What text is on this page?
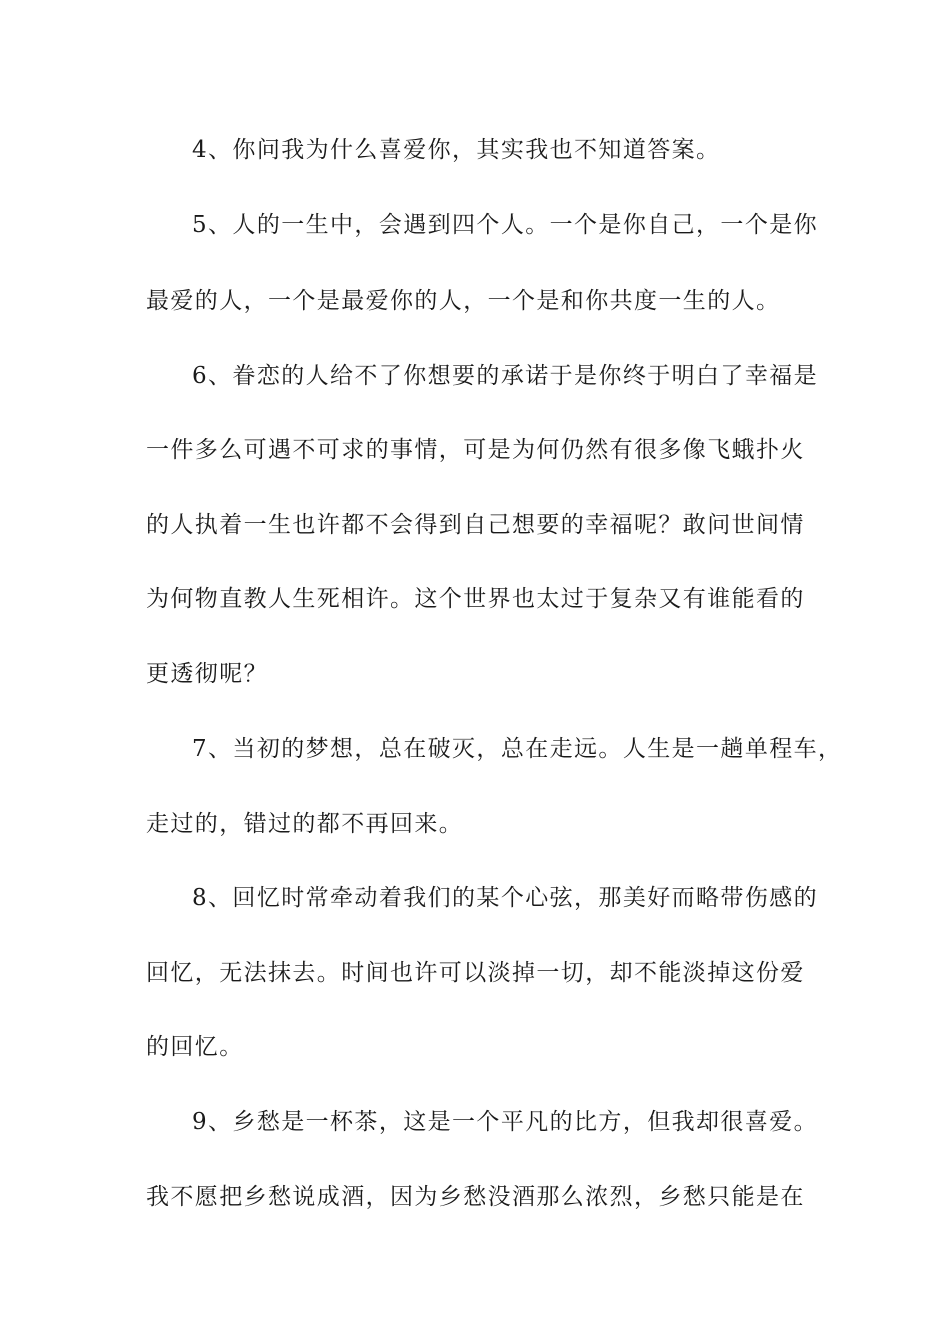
4、你问我为什么喜爱你，其实我也不知道答案。
5、人的一生中，会遇到四个人。一个是你自己，一个是你
最爱的人，一个是最爱你的人，一个是和你共度一生的人。
6、眷恋的人给不了你想要的承诺于是你终于明白了幸福是
一件多么可遇不可求的事情，可是为何仍然有很多像飞蛾扑火
的人执着一生也许都不会得到自己想要的幸福呢？敢问世间情
为何物直教人生死相许。这个世界也太过于复杂又有谁能看的
更透彻呢？
7、当初的梦想，总在破灭，总在走远。人生是一趟单程车，
走过的，错过的都不再回来。
8、回忆时常牵动着我们的某个心弦，那美好而略带伤感的
回忆，无法抹去。时间也许可以淡掉一切，却不能淡掉这份爱
的回忆。
9、乡愁是一杯茶，这是一个平凡的比方，但我却很喜爱。
我不愿把乡愁说成酒，因为乡愁没酒那么浓烈，乡愁只能是在
